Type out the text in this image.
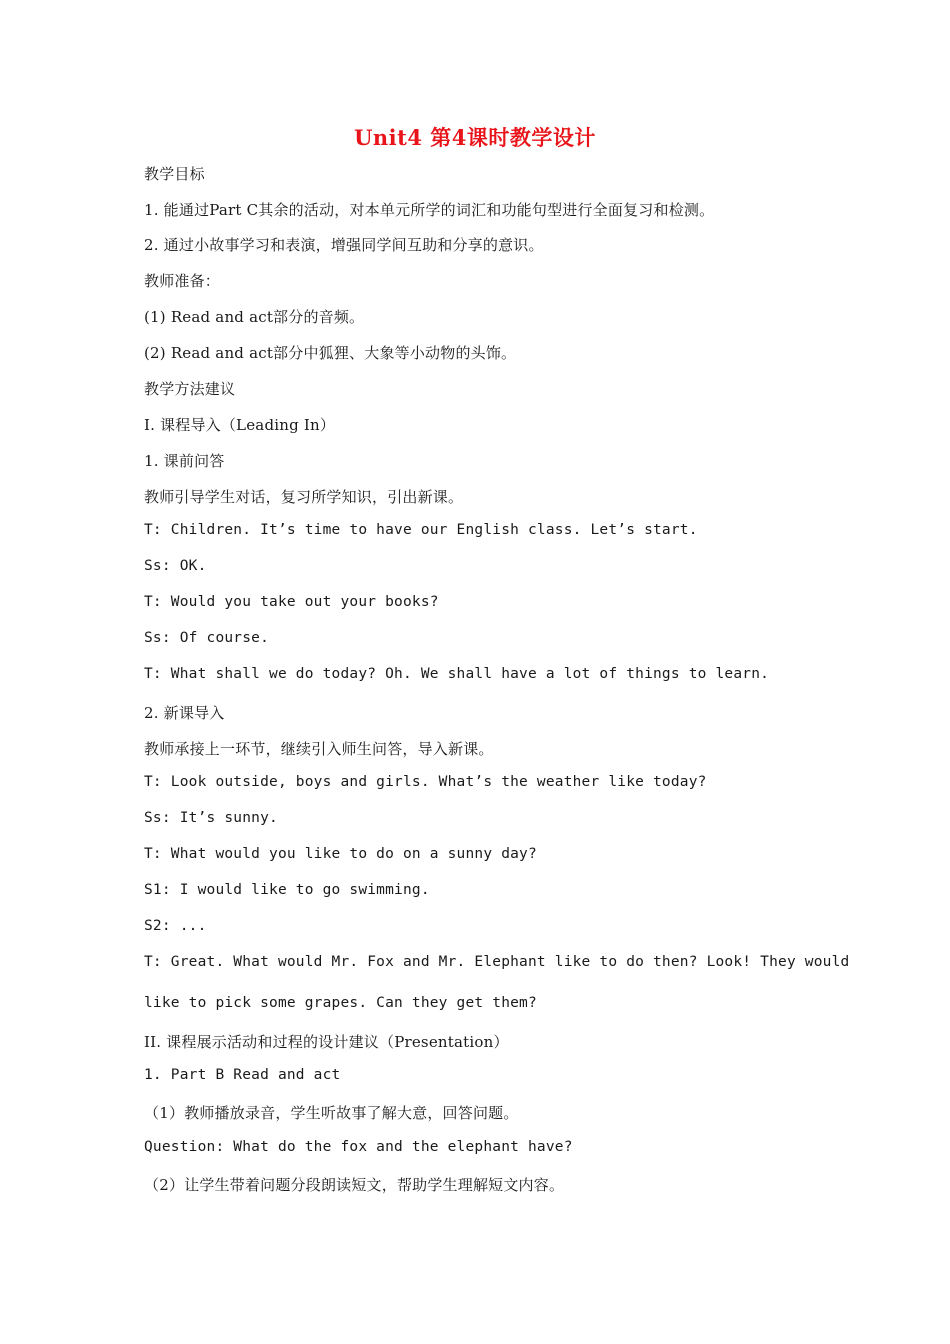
Unit4 第4课时教学设计
教学目标
1. 能通过Part C其余的活动，对本单元所学的词汇和功能句型进行全面复习和检测。
2. 通过小故事学习和表演，增强同学间互助和分享的意识。
教师准备：
(1) Read and act部分的音频。
(2) Read and act部分中狐狸、大象等小动物的头饰。
教学方法建议
I. 课程导入（Leading In）
1. 课前问答
教师引导学生对话，复习所学知识，引出新课。
T: Children. It’s time to have our English class. Let’s start.
Ss: OK.
T: Would you take out your books?
Ss: Of course.
T: What shall we do today? Oh. We shall have a lot of things to learn.
2. 新课导入
教师承接上一环节，继续引入师生问答，导入新课。
T: Look outside, boys and girls. What’s the weather like today?
Ss: It’s sunny.
T: What would you like to do on a sunny day?
S1: I would like to go swimming.
S2: ...
T: Great. What would Mr. Fox and Mr. Elephant like to do then? Look! They would
like to pick some grapes. Can they get them?
II. 课程展示活动和过程的设计建议（Presentation）
1. Part B Read and act
（1）教师播放录音，学生听故事了解大意，回答问题。
Question: What do the fox and the elephant have?
（2）让学生带着问题分段朗读短文，帮助学生理解短文内容。
